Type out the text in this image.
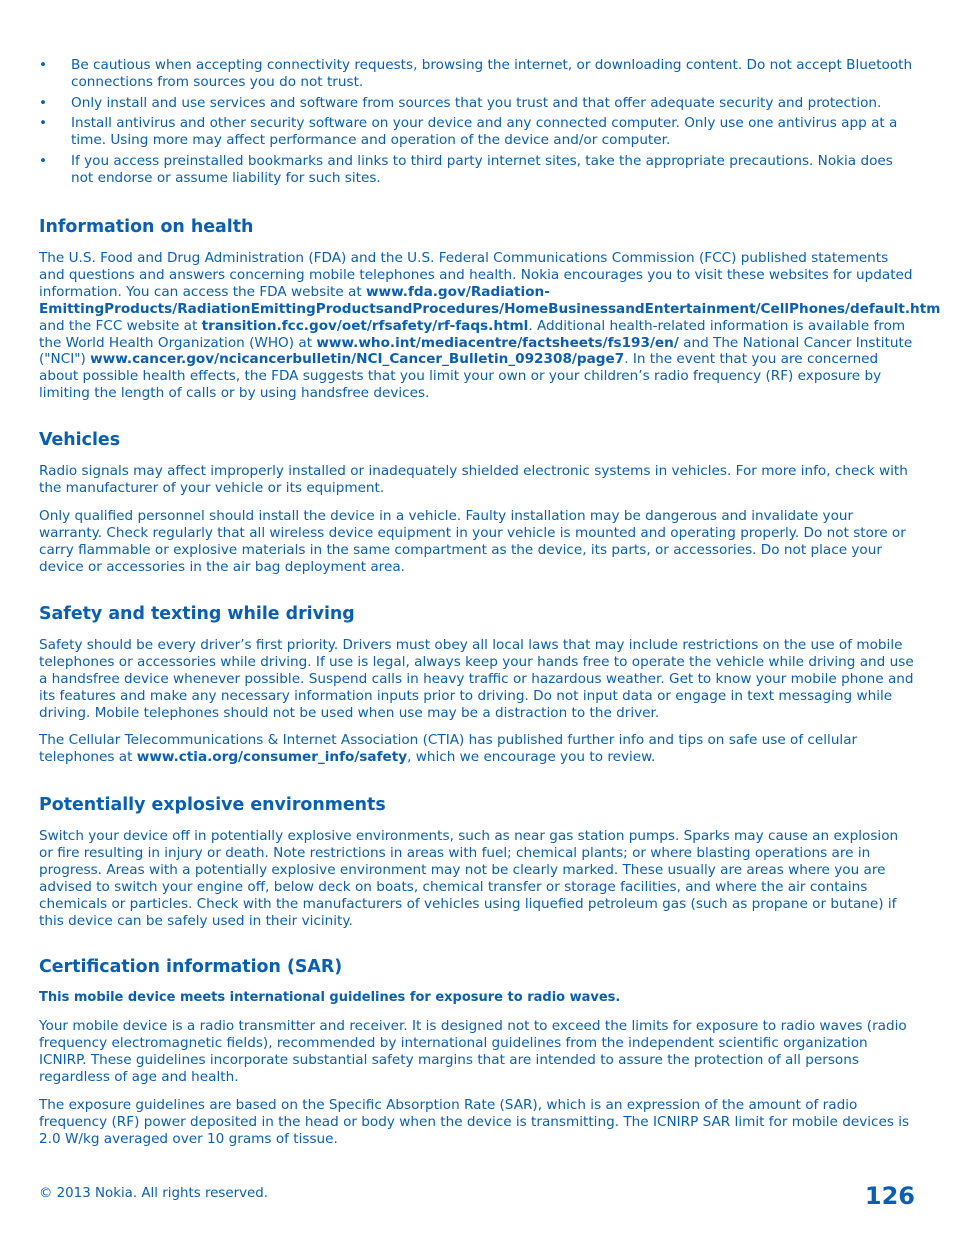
• Be cautious when accepting connectivity requests, browsing the internet, or downloading content. Do not accept Bluetooth connections from sources you do not trust.
• Only install and use services and software from sources that you trust and that offer adequate security and protection.
• Install antivirus and other security software on your device and any connected computer. Only use one antivirus app at a time. Using more may affect performance and operation of the device and/or computer.
• If you access preinstalled bookmarks and links to third party internet sites, take the appropriate precautions. Nokia does not endorse or assume liability for such sites.
Information on health

The U.S. Food and Drug Administration (FDA) and the U.S. Federal Communications Commission (FCC) published statements and questions and answers concerning mobile telephones and health. Nokia encourages you to visit these websites for updated information. You can access the FDA website at www.fda.gov/Radiation-EmittingProducts/RadiationEmittingProductsandProcedures/HomeBusinessandEntertainment/CellPhones/default.htm and the FCC website at transition.fcc.gov/oet/rfsafety/rf-faqs.html. Additional health-related information is available from the World Health Organization (WHO) at www.who.int/mediacentre/factsheets/fs193/en/ and The National Cancer Institute ("NCI") www.cancer.gov/ncicancerbulletin/NCI_Cancer_Bulletin_092308/page7. In the event that you are concerned about possible health effects, the FDA suggests that you limit your own or your children’s radio frequency (RF) exposure by limiting the length of calls or by using handsfree devices.

Vehicles

Radio signals may affect improperly installed or inadequately shielded electronic systems in vehicles. For more info, check with the manufacturer of your vehicle or its equipment.

Only qualified personnel should install the device in a vehicle. Faulty installation may be dangerous and invalidate your warranty. Check regularly that all wireless device equipment in your vehicle is mounted and operating properly. Do not store or carry flammable or explosive materials in the same compartment as the device, its parts, or accessories. Do not place your device or accessories in the air bag deployment area.

Safety and texting while driving

Safety should be every driver’s first priority. Drivers must obey all local laws that may include restrictions on the use of mobile telephones or accessories while driving. If use is legal, always keep your hands free to operate the vehicle while driving and use a handsfree device whenever possible. Suspend calls in heavy traffic or hazardous weather. Get to know your mobile phone and its features and make any necessary information inputs prior to driving. Do not input data or engage in text messaging while driving. Mobile telephones should not be used when use may be a distraction to the driver.

The Cellular Telecommunications & Internet Association (CTIA) has published further info and tips on safe use of cellular telephones at www.ctia.org/consumer_info/safety, which we encourage you to review.

Potentially explosive environments

Switch your device off in potentially explosive environments, such as near gas station pumps. Sparks may cause an explosion or fire resulting in injury or death. Note restrictions in areas with fuel; chemical plants; or where blasting operations are in progress. Areas with a potentially explosive environment may not be clearly marked. These usually are areas where you are advised to switch your engine off, below deck on boats, chemical transfer or storage facilities, and where the air contains chemicals or particles. Check with the manufacturers of vehicles using liquefied petroleum gas (such as propane or butane) if this device can be safely used in their vicinity.

Certification information (SAR)

This mobile device meets international guidelines for exposure to radio waves.

Your mobile device is a radio transmitter and receiver. It is designed not to exceed the limits for exposure to radio waves (radio frequency electromagnetic fields), recommended by international guidelines from the independent scientific organization ICNIRP. These guidelines incorporate substantial safety margins that are intended to assure the protection of all persons regardless of age and health.

The exposure guidelines are based on the Specific Absorption Rate (SAR), which is an expression of the amount of radio frequency (RF) power deposited in the head or body when the device is transmitting. The ICNIRP SAR limit for mobile devices is 2.0 W/kg averaged over 10 grams of tissue.

© 2013 Nokia. All rights reserved.	126
